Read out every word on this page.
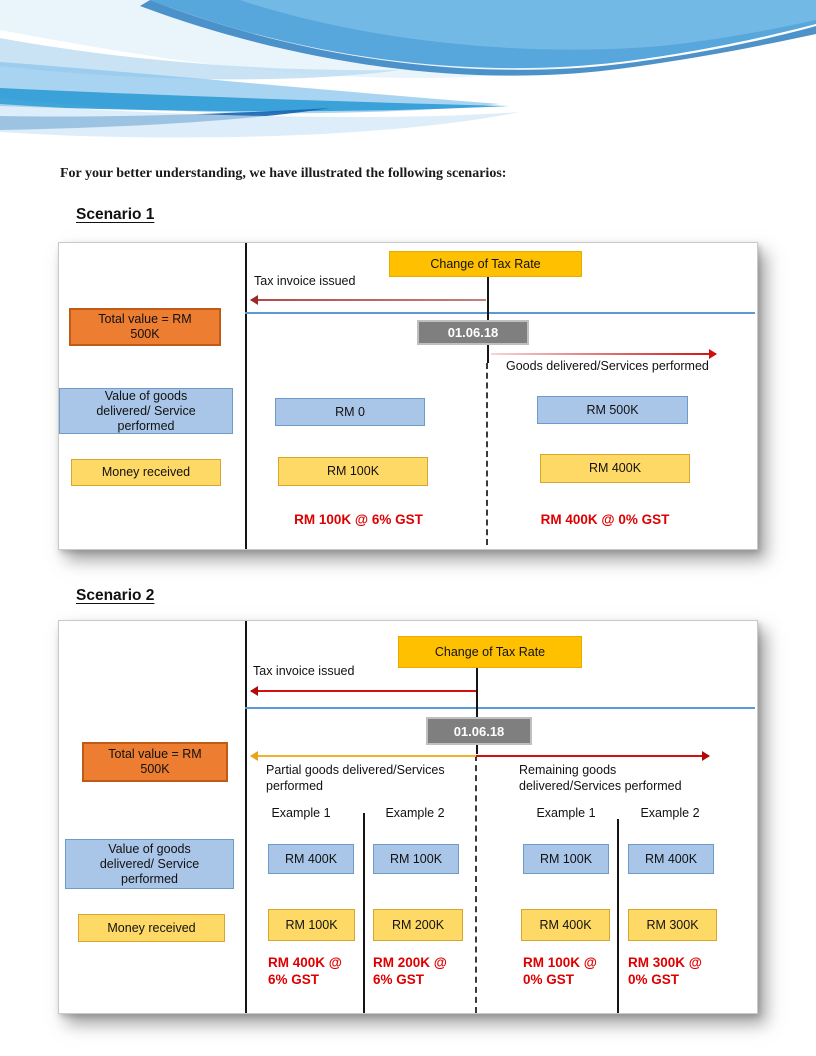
For your better understanding, we have illustrated the following scenarios:

Scenario 1
Change of Tax Rate
Tax invoice issued
01.06.18
Goods delivered/Services performed
Total value = RM
500K
Value of goods
delivered/ Service
performed
Money received
RM 0	RM 500K
RM 100K	RM 400K
RM 100K @ 6% GST	RM 400K @ 0% GST
Scenario 2
Change of Tax Rate
Tax invoice issued
01.06.18
Partial goods delivered/Services
performed
Remaining goods
delivered/Services performed
Total value = RM
500K
Example 1	Example 2	Example 1	Example 2
Value of goods
delivered/ Service
performed
RM 400K	RM 100K	RM 100K	RM 400K
Money received	RM 100K	RM 200K	RM 400K	RM 300K
RM 400K @
6% GST
RM 200K @
6% GST
RM 100K @
0% GST
RM 300K @
0% GST
